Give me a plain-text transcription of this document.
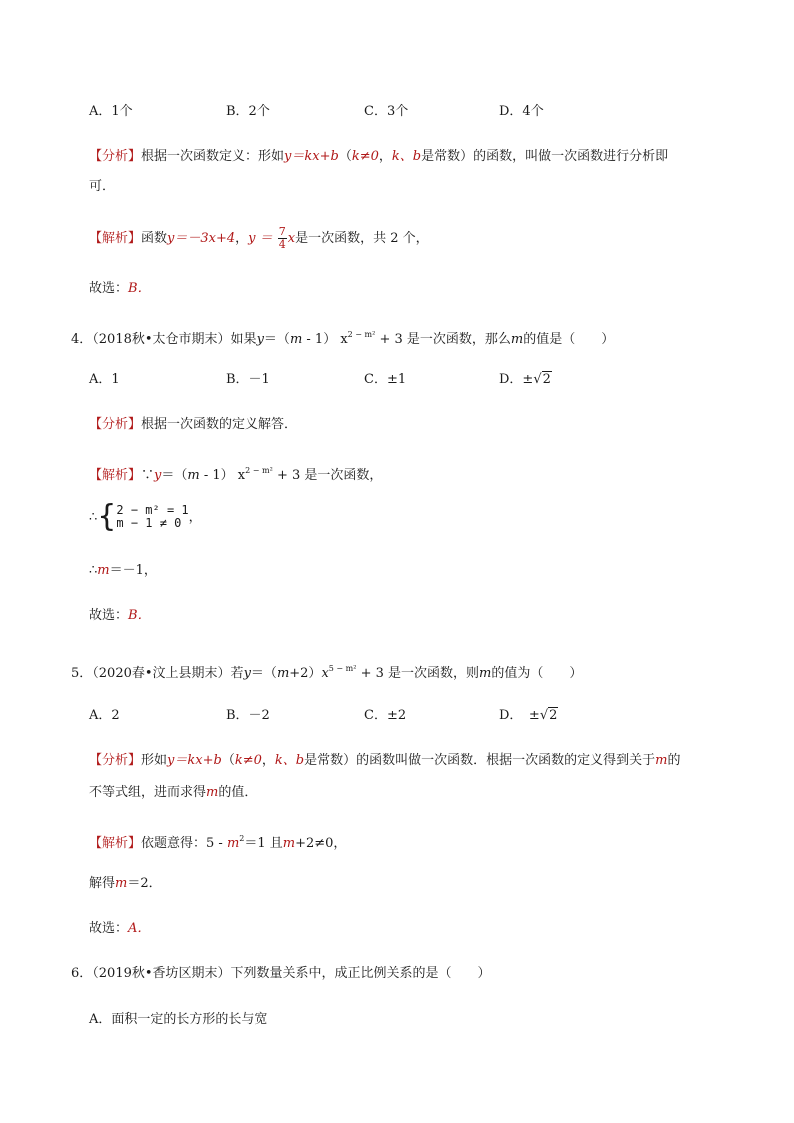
A．1个	B．2个	C．3个	D．4个
【分析】根据一次函数定义：形如y＝kx+b（k≠0，k、b是常数）的函数，叫做一次函数进行分析即
可．
【解析】函数y＝－3x+4，$y = \frac{7}{4}$ x是一次函数，共 2 个，
故选：B．
4．（2018秋•太仓市期末）如果y＝（m - 1） $x^{2 - m^2} + 3$ 是一次函数，那么m的值是（　　）
A．1	B．－1	C．±1	D．±√2
【分析】根据一次函数的定义解答．
【解析】∵y＝（m - 1） $x^{2 - m^2} + 3$ 是一次函数，
∴{ 2 − m² = 1
m − 1 ≠ 0 ，
∴m＝－1，
故选：B．
5．（2020春•汶上县期末）若$y=(m+2)x^{5 - m^2} + 3$ 是一次函数，则m的值为（　　）
A．2	B．－2	C．±2	D．　±√2
【分析】形如y＝kx+b（k≠0，k、b是常数）的函数叫做一次函数．根据一次函数的定义得到关于m的
不等式组，进而求得m的值．
【解析】依题意得：$5 - m^2=1$ 且m+2≠0，
解得m＝2．
故选：A．
6．（2019秋•香坊区期末）下列数量关系中，成正比例关系的是（　　）
A．面积一定的长方形的长与宽
